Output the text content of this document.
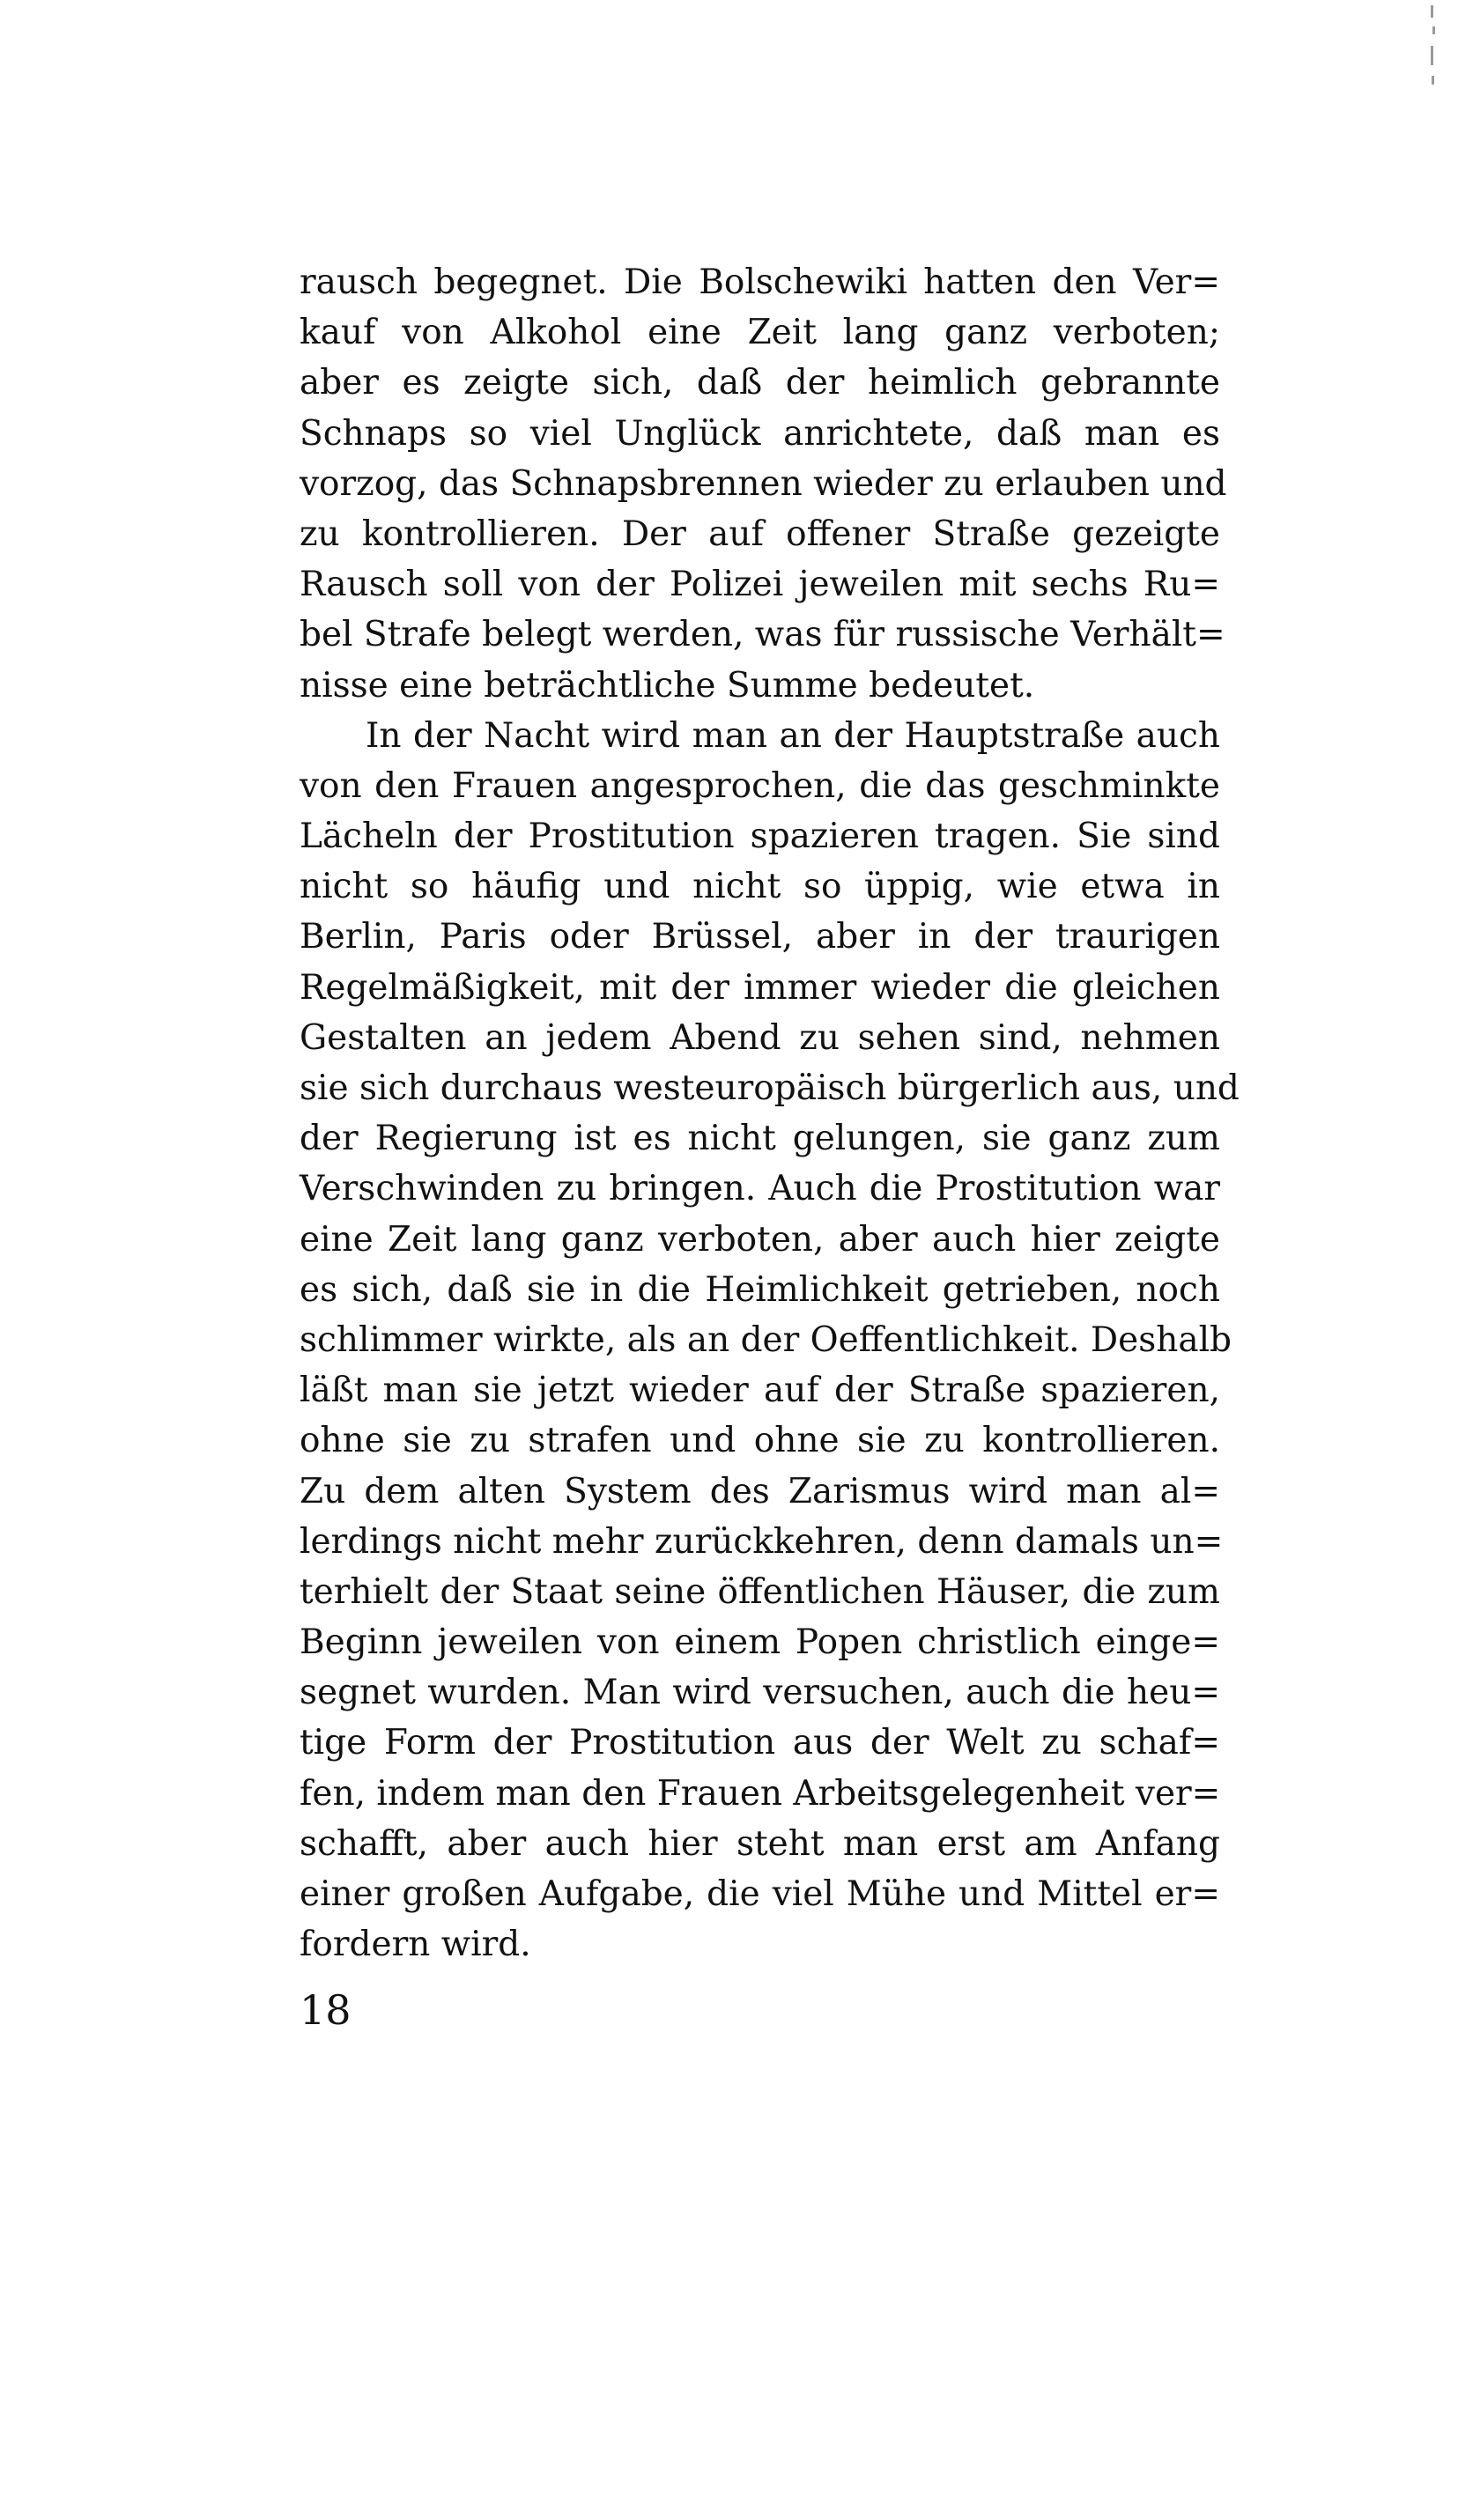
rausch begegnet. Die Bolschewiki hatten den Ver=
kauf von Alkohol eine Zeit lang ganz verboten;
aber es zeigte sich, daß der heimlich gebrannte
Schnaps so viel Unglück anrichtete, daß man es
vorzog, das Schnapsbrennen wieder zu erlauben und
zu kontrollieren. Der auf offener Straße gezeigte
Rausch soll von der Polizei jeweilen mit sechs Ru=
bel Strafe belegt werden, was für russische Verhält=
nisse eine beträchtliche Summe bedeutet.
In der Nacht wird man an der Hauptstraße auch
von den Frauen angesprochen, die das geschminkte
Lächeln der Prostitution spazieren tragen. Sie sind
nicht so häufig und nicht so üppig, wie etwa in
Berlin, Paris oder Brüssel, aber in der traurigen
Regelmäßigkeit, mit der immer wieder die gleichen
Gestalten an jedem Abend zu sehen sind, nehmen
sie sich durchaus westeuropäisch bürgerlich aus, und
der Regierung ist es nicht gelungen, sie ganz zum
Verschwinden zu bringen. Auch die Prostitution war
eine Zeit lang ganz verboten, aber auch hier zeigte
es sich, daß sie in die Heimlichkeit getrieben, noch
schlimmer wirkte, als an der Oeffentlichkeit. Deshalb
läßt man sie jetzt wieder auf der Straße spazieren,
ohne sie zu strafen und ohne sie zu kontrollieren.
Zu dem alten System des Zarismus wird man al=
lerdings nicht mehr zurückkehren, denn damals un=
terhielt der Staat seine öffentlichen Häuser, die zum
Beginn jeweilen von einem Popen christlich einge=
segnet wurden. Man wird versuchen, auch die heu=
tige Form der Prostitution aus der Welt zu schaf=
fen, indem man den Frauen Arbeitsgelegenheit ver=
schafft, aber auch hier steht man erst am Anfang
einer großen Aufgabe, die viel Mühe und Mittel er=
fordern wird.
18
